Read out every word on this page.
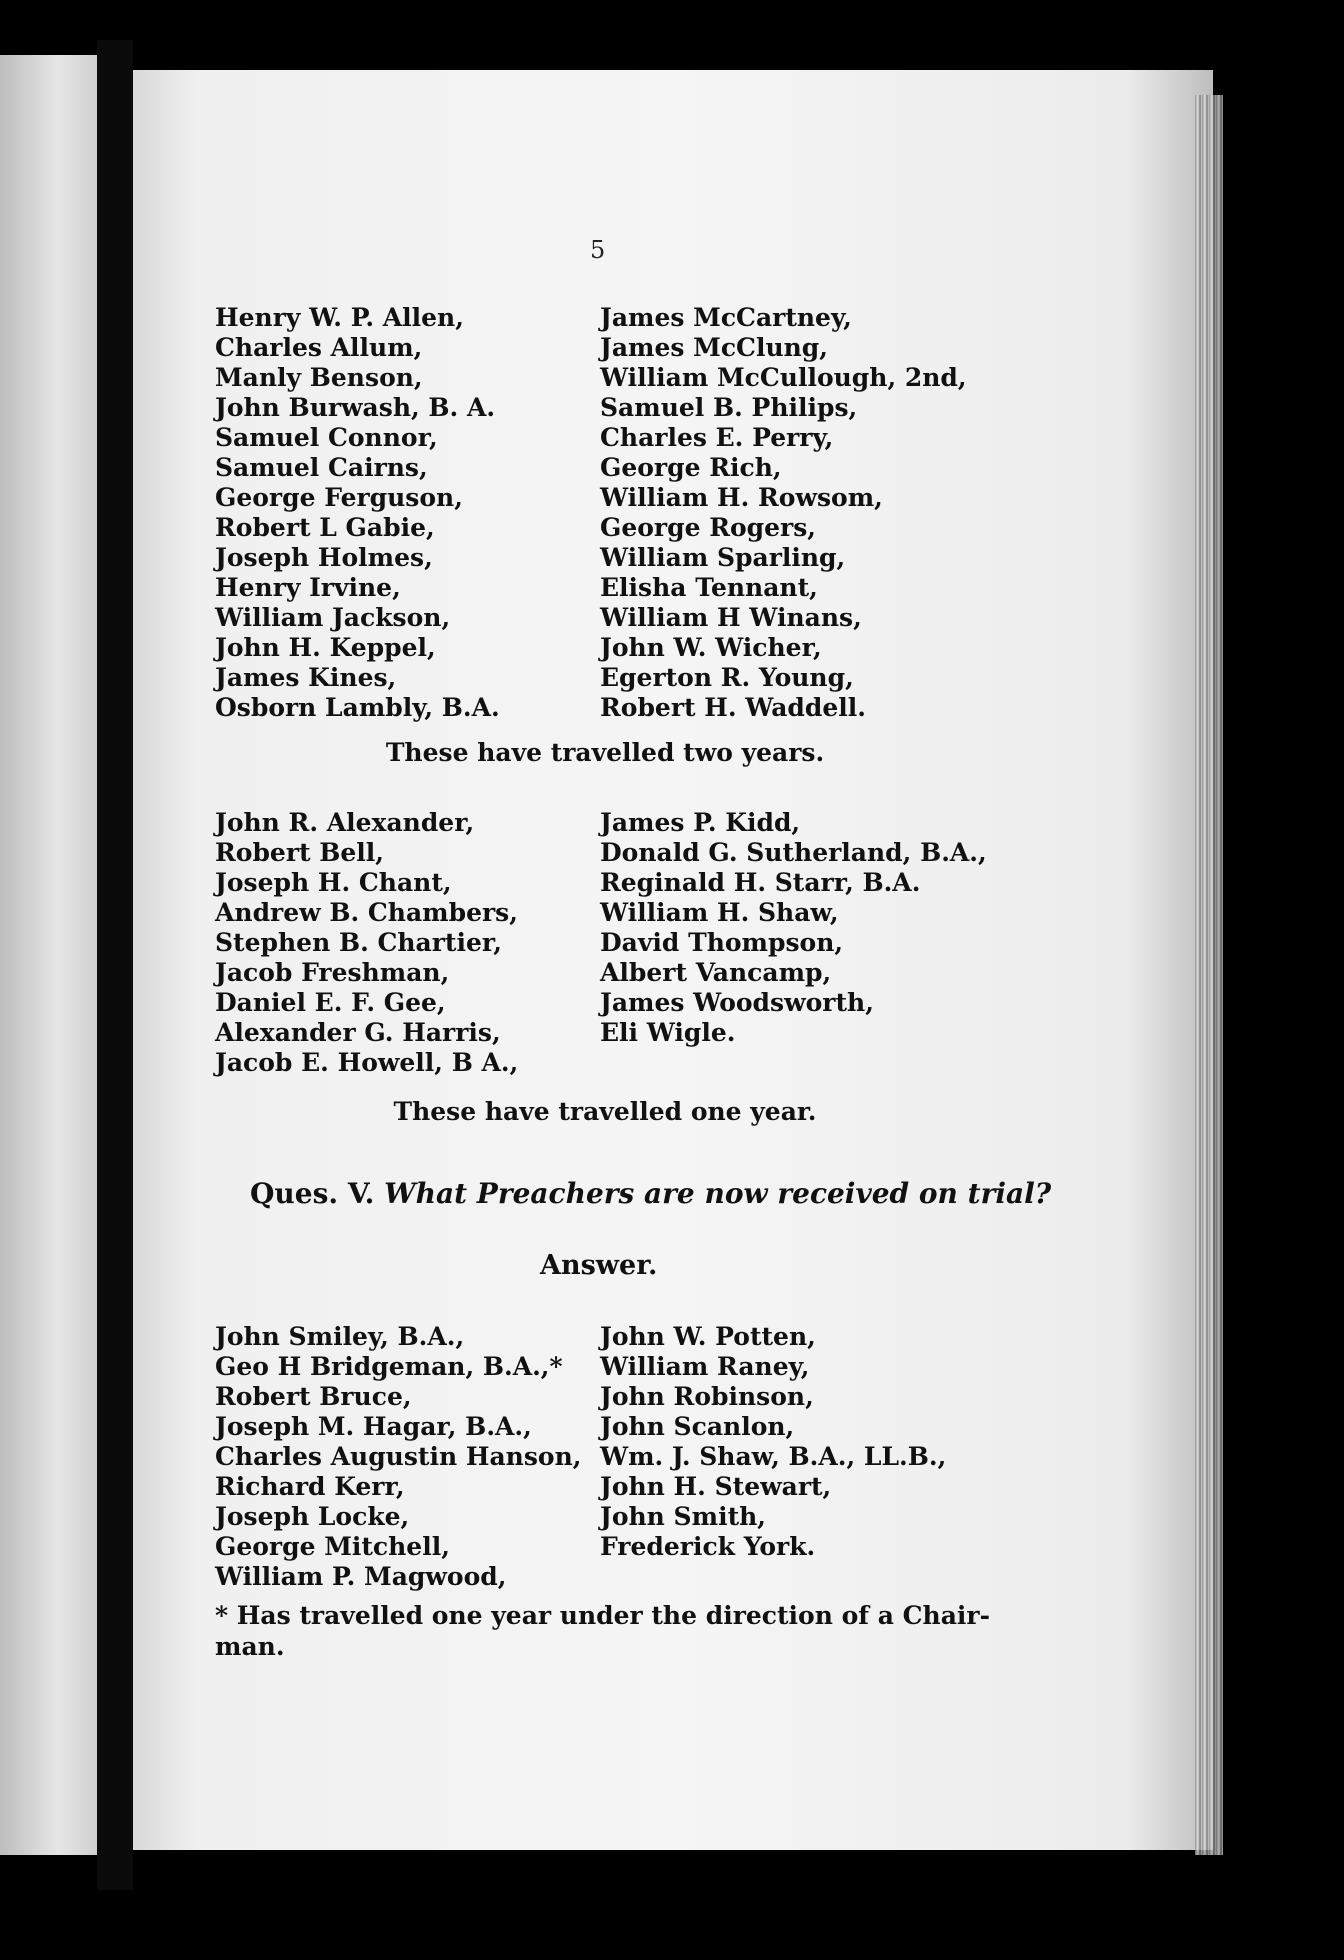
5
Henry W. P. Allen,
Charles Allum,
Manly Benson,
John Burwash, B. A.
Samuel Connor,
Samuel Cairns,
George Ferguson,
Robert L Gabie,
Joseph Holmes,
Henry Irvine,
William Jackson,
John H. Keppel,
James Kines,
Osborn Lambly, B.A.
James McCartney,
James McClung,
William McCullough, 2nd,
Samuel B. Philips,
Charles E. Perry,
George Rich,
William H. Rowsom,
George Rogers,
William Sparling,
Elisha Tennant,
William H Winans,
John W. Wicher,
Egerton R. Young,
Robert H. Waddell.
These have travelled two years.
John R. Alexander,
Robert Bell,
Joseph H. Chant,
Andrew B. Chambers,
Stephen B. Chartier,
Jacob Freshman,
Daniel E. F. Gee,
Alexander G. Harris,
Jacob E. Howell, B A.,
James P. Kidd,
Donald G. Sutherland, B.A.,
Reginald H. Starr, B.A.
William H. Shaw,
David Thompson,
Albert Vancamp,
James Woodsworth,
Eli Wigle.
These have travelled one year.
Ques. V. What Preachers are now received on trial?
Answer.
John Smiley, B.A.,
Geo H Bridgeman, B.A.,*
Robert Bruce,
Joseph M. Hagar, B.A.,
Charles Augustin Hanson,
Richard Kerr,
Joseph Locke,
George Mitchell,
William P. Magwood,
John W. Potten,
William Raney,
John Robinson,
John Scanlon,
Wm. J. Shaw, B.A., LL.B.,
John H. Stewart,
John Smith,
Frederick York.
* Has travelled one year under the direction of a Chair-
man.
